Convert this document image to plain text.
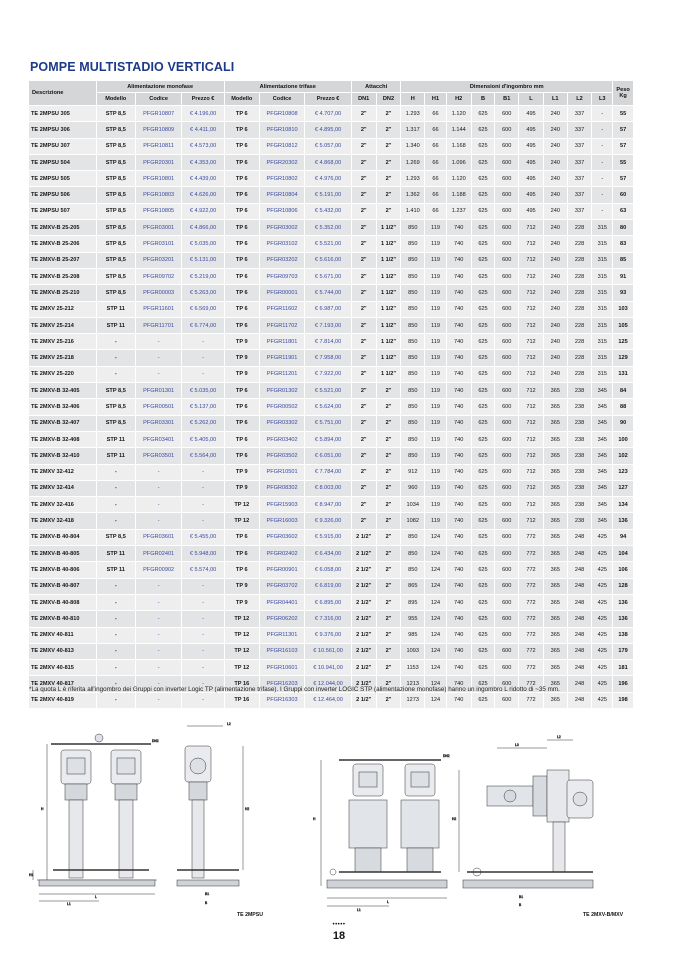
POMPE MULTISTADIO VERTICALI
Descrizione	Alimentazione monofase			Alimentazione trifase			Attacchi		Dimensioni d'ingombro mm									Peso
Kg
	Modello	Codice	Prezzo €	Modello	Codice	Prezzo €	DN1	DN2	H	H1	H2	B	B1	L	L1	L2	L3	
TE 2MPSU 305	STP 8,5	PFGR10807	€ 4.196,00	TP 6	PFGR10808	€ 4.707,00	2"	2"	1.293	66	1.120	625	600	495	240	337	-	55
TE 2MPSU 306	STP 8,5	PFGR10809	€ 4.411,00	TP 6	PFGR10810	€ 4.895,00	2"	2"	1.317	66	1.144	625	600	495	240	337	-	57
TE 2MPSU 307	STP 8,5	PFGR10811	€ 4.573,00	TP 6	PFGR10812	€ 5.057,00	2"	2"	1.340	66	1.168	625	600	495	240	337	-	57
TE 2MPSU 504	STP 8,5	PFGR20301	€ 4.353,00	TP 6	PFGR20302	€ 4.868,00	2"	2"	1.269	66	1.096	625	600	495	240	337	-	55
TE 2MPSU 505	STP 8,5	PFGR10801	€ 4.439,00	TP 6	PFGR10802	€ 4.976,00	2"	2"	1.293	66	1.120	625	600	495	240	337	-	57
TE 2MPSU 506	STP 8,5	PFGR10803	€ 4.626,00	TP 6	PFGR10804	€ 5.191,00	2"	2"	1.362	66	1.188	625	600	495	240	337	-	60
TE 2MPSU 507	STP 8,5	PFGR10805	€ 4.922,00	TP 6	PFGR10806	€ 5.432,00	2"	2"	1.410	66	1.237	625	600	495	240	337	-	63
TE 2MXV-B 25-205	STP 8,5	PFGR03001	€ 4.866,00	TP 6	PFGR03002	€ 5.352,00	2"	1 1/2"	850	119	740	625	600	712	240	228	315	80
TE 2MXV-B 25-206	STP 8,5	PFGR03101	€ 5.035,00	TP 6	PFGR03102	€ 5.521,00	2"	1 1/2"	850	119	740	625	600	712	240	228	315	83
TE 2MXV-B 25-207	STP 8,5	PFGR03201	€ 5.131,00	TP 6	PFGR03202	€ 5.616,00	2"	1 1/2"	850	119	740	625	600	712	240	228	315	85
TE 2MXV-B 25-208	STP 8,5	PFGR09702	€ 5.219,00	TP 6	PFGR09703	€ 5.671,00	2"	1 1/2"	850	119	740	625	600	712	240	228	315	91
TE 2MXV-B 25-210	STP 8,5	PFGR00003	€ 5.263,00	TP 6	PFGR00001	€ 5.744,00	2"	1 1/2"	850	119	740	625	600	712	240	228	315	93
TE 2MXV 25-212	STP 11	PFGR11601	€ 6.569,00	TP 6	PFGR11602	€ 6.987,00	2"	1 1/2"	850	119	740	625	600	712	240	228	315	103
TE 2MXV 25-214	STP 11	PFGR11701	€ 6.774,00	TP 6	PFGR11702	€ 7.193,00	2"	1 1/2"	850	119	740	625	600	712	240	228	315	105
TE 2MXV 25-216	-	-	-	TP 9	PFGR11801	€ 7.814,00	2"	1 1/2"	850	119	740	625	600	712	240	228	315	125
TE 2MXV 25-218	-	-	-	TP 9	PFGR11901	€ 7.958,00	2"	1 1/2"	850	119	740	625	600	712	240	228	315	129
TE 2MXV 25-220	-	-	-	TP 9	PFGR11201	€ 7.922,00	2"	1 1/2"	850	119	740	625	600	712	240	228	315	131
TE 2MXV-B 32-405	STP 8,5	PFGR01301	€ 5.035,00	TP 6	PFGR01302	€ 5.521,00	2"	2"	850	119	740	625	600	712	365	238	345	84
TE 2MXV-B 32-406	STP 8,5	PFGR00501	€ 5.137,00	TP 6	PFGR00502	€ 5.624,00	2"	2"	850	119	740	625	600	712	365	238	345	88
TE 2MXV-B 32-407	STP 8,5	PFGR03301	€ 5.262,00	TP 6	PFGR03302	€ 5.751,00	2"	2"	850	119	740	625	600	712	365	238	345	90
TE 2MXV-B 32-408	STP 11	PFGR03401	€ 5.405,00	TP 6	PFGR03402	€ 5.894,00	2"	2"	850	119	740	625	600	712	365	238	345	100
TE 2MXV-B 32-410	STP 11	PFGR03501	€ 5.564,00	TP 6	PFGR03502	€ 6.051,00	2"	2"	850	119	740	625	600	712	365	238	345	102
TE 2MXV 32-412	-	-	-	TP 9	PFGR10501	€ 7.784,00	2"	2"	912	119	740	625	600	712	365	238	345	123
TE 2MXV 32-414	-	-	-	TP 9	PFGR08302	€ 8.003,00	2"	2"	960	119	740	625	600	712	365	238	345	127
TE 2MXV 32-416	-	-	-	TP 12	PFGR15903	€ 8.947,00	2"	2"	1034	119	740	625	600	712	365	238	345	134
TE 2MXV 32-418	-	-	-	TP 12	PFGR16003	€ 9.326,00	2"	2"	1082	119	740	625	600	712	365	238	345	136
TE 2MXV-B 40-804	STP 8,5	PFGR03601	€ 5.455,00	TP 6	PFGR03602	€ 5.915,00	2 1/2"	2"	850	124	740	625	600	772	365	248	425	94
TE 2MXV-B 40-805	STP 11	PFGR02401	€ 5.948,00	TP 6	PFGR02402	€ 6.434,00	2 1/2"	2"	850	124	740	625	600	772	365	248	425	104
TE 2MXV-B 40-806	STP 11	PFGR00902	€ 5.574,00	TP 6	PFGR00901	€ 6.058,00	2 1/2"	2"	850	124	740	625	600	772	365	248	425	106
TE 2MXV-B 40-807	-	-	-	TP 9	PFGR03702	€ 6.819,00	2 1/2"	2"	865	124	740	625	600	772	365	248	425	128
TE 2MXV-B 40-808	-	-	-	TP 9	PFGR04401	€ 6.895,00	2 1/2"	2"	895	124	740	625	600	772	365	248	425	136
TE 2MXV-B 40-810	-	-	-	TP 12	PFGR06202	€ 7.316,00	2 1/2"	2"	955	124	740	625	600	772	365	248	425	136
TE 2MXV 40-811	-	-	-	TP 12	PFGR11301	€ 9.376,00	2 1/2"	2"	985	124	740	625	600	772	365	248	425	138
TE 2MXV 40-813	-	-	-	TP 12	PFGR16103	€ 10.561,00	2 1/2"	2"	1093	124	740	625	600	772	365	248	425	179
TE 2MXV 40-815	-	-	-	TP 12	PFGR10601	€ 10.941,00	2 1/2"	2"	1153	124	740	625	600	772	365	248	425	181
TE 2MXV 40-817	-	-	-	TP 16	PFGR16203	€ 12.044,00	2 1/2"	2"	1213	124	740	625	600	772	365	248	425	196
TE 2MXV 40-819	-	-	-	TP 16	PFGR16303	€ 12.464,00	2 1/2"	2"	1273	124	740	625	600	772	365	248	425	198
*La quota L è riferita all'ingombro dei Gruppi con inverter Logic TP (alimentazione trifase). I Gruppi con inverter LOGIC STP (alimentazione monofase) hanno un ingombro L ridotto di ~35 mm.
DN2
H
H1
L
L1
L2
H2
B1
B
TE 2MPSU
DN2
H
L
L1
L3
L2
H2
B1
B
TE 2MXV-B/MXV
•••••
18
